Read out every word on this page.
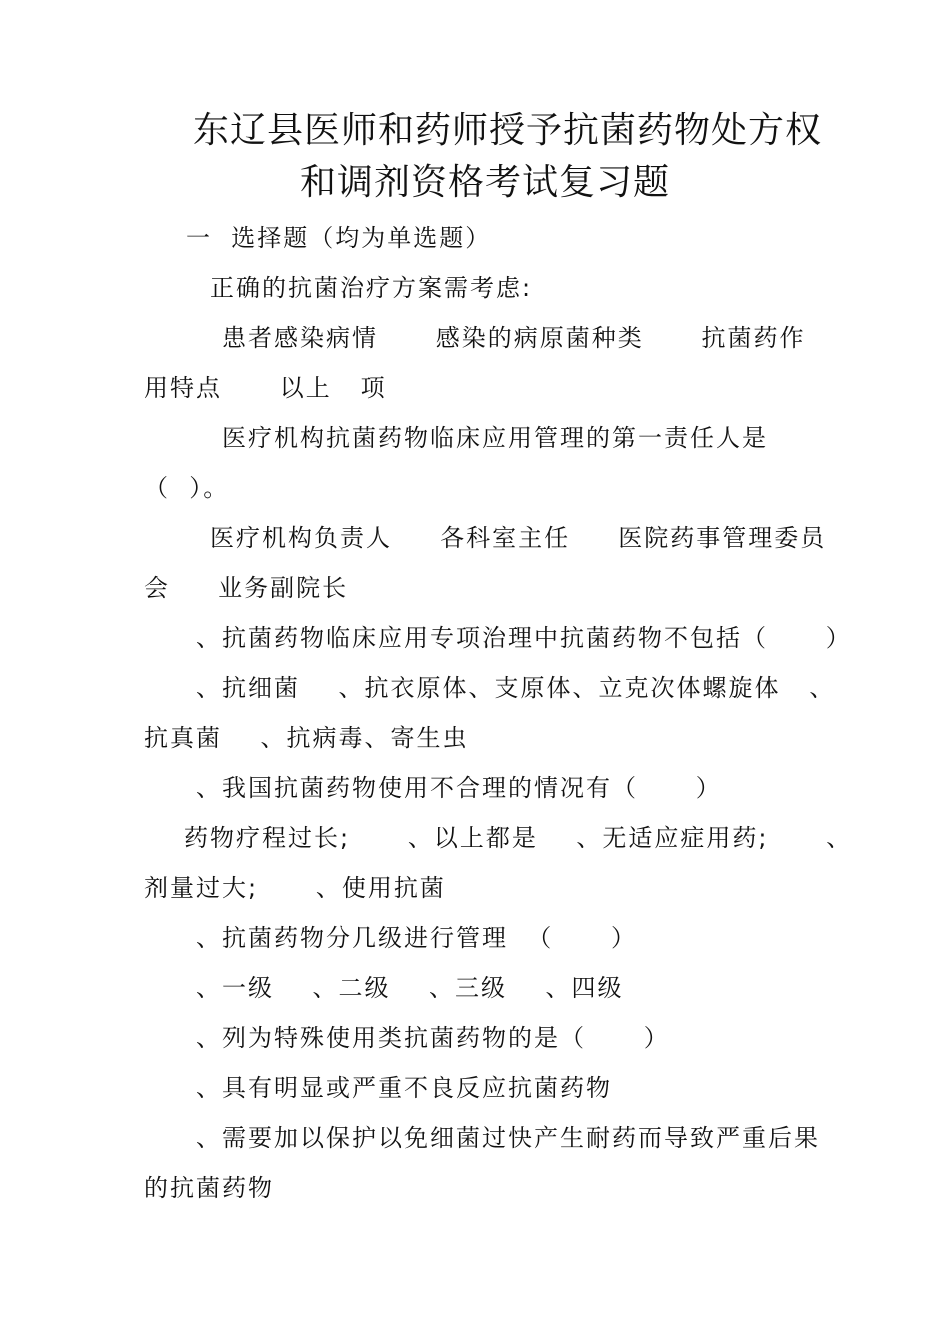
东辽县医师和药师授予抗菌药物处方权
和调剂资格考试复习题
一  选择题（均为单选题）
正确的抗菌治疗方案需考虑:
患者感染病情      感染的病原菌种类      抗菌药作
用特点      以上   项
医疗机构抗菌药物临床应用管理的第一责任人是
（  ）。
医疗机构负责人     各科室主任     医院药事管理委员
会     业务副院长
、抗菌药物临床应用专项治理中抗菌药物不包括（      ）
、抗细菌    、抗衣原体、支原体、立克次体螺旋体   、
抗真菌    、抗病毒、寄生虫
、我国抗菌药物使用不合理的情况有（      ）
药物疗程过长;      、以上都是    、无适应症用药;      、
剂量过大;      、使用抗菌
、抗菌药物分几级进行管理  （      ）
、一级    、二级    、三级    、四级
、列为特殊使用类抗菌药物的是（      ）
、具有明显或严重不良反应抗菌药物
、需要加以保护以免细菌过快产生耐药而导致严重后果
的抗菌药物
